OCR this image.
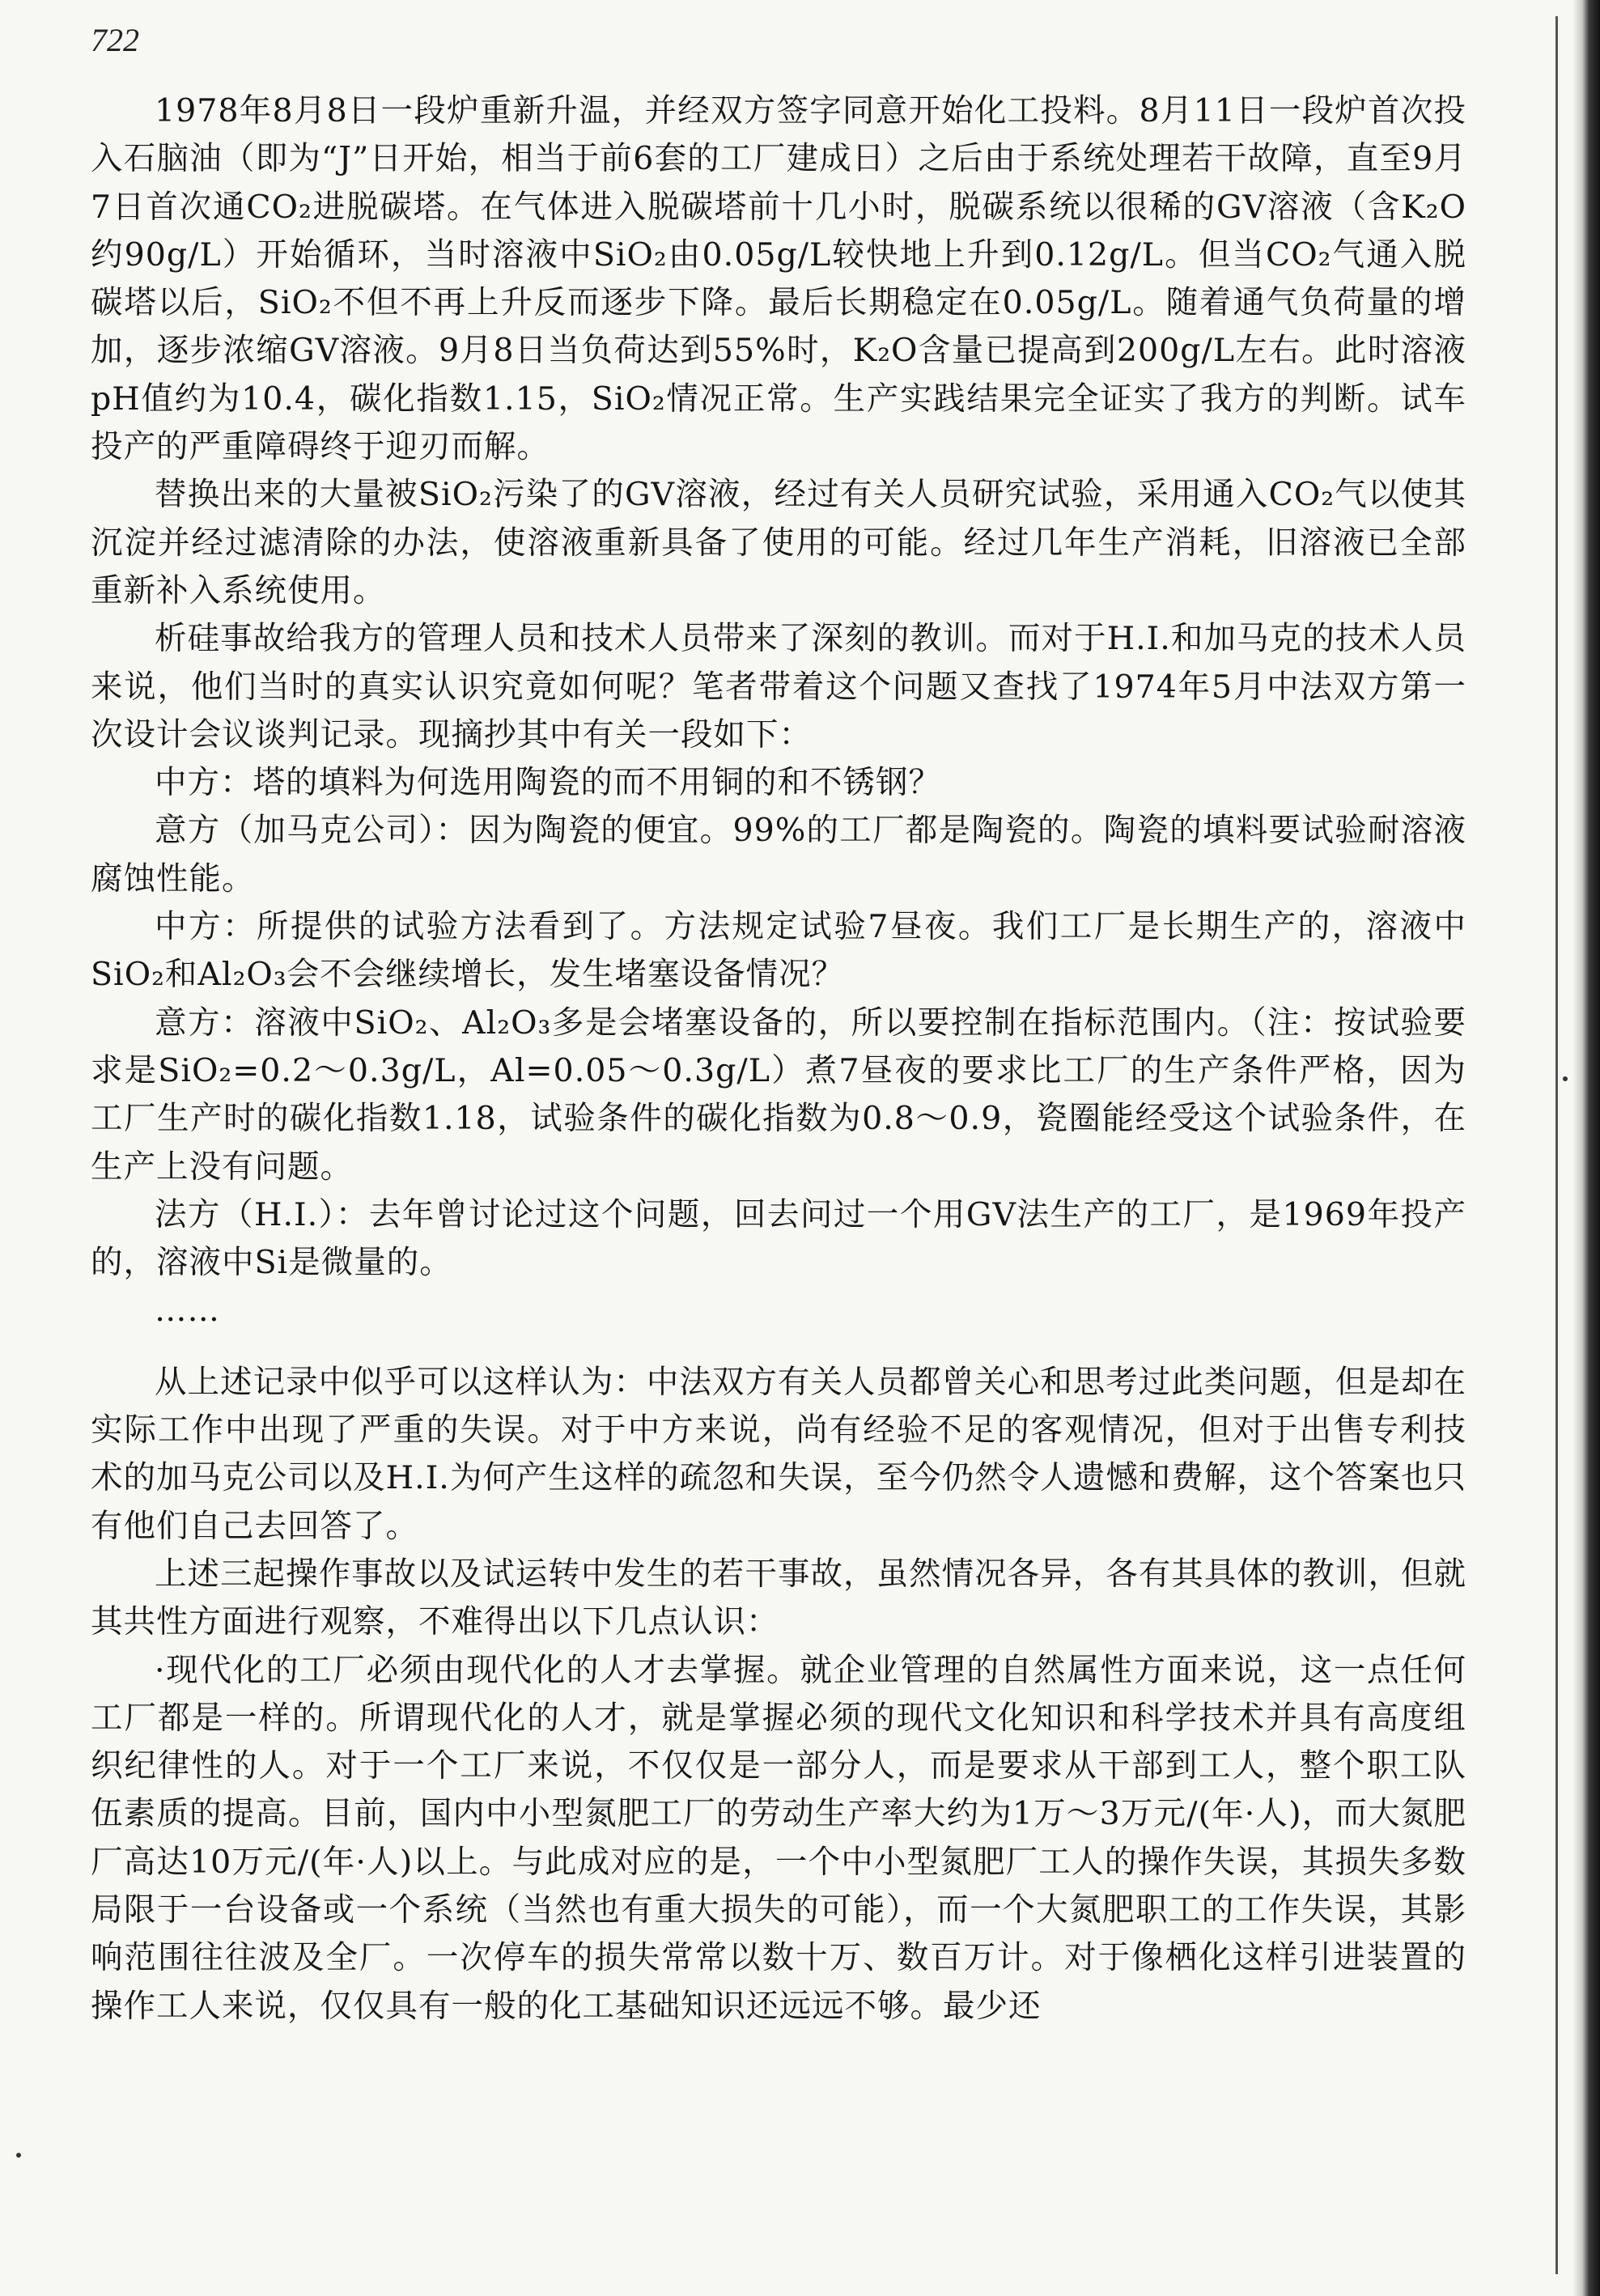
722

1978年8月8日一段炉重新升温，并经双方签字同意开始化工投料。8月11日一段炉首次投入石脑油（即为“J”日开始，相当于前6套的工厂建成日）之后由于系统处理若干故障，直至9月7日首次通CO₂进脱碳塔。在气体进入脱碳塔前十几小时，脱碳系统以很稀的GV溶液（含K₂O约90g/L）开始循环，当时溶液中SiO₂由0.05g/L较快地上升到0.12g/L。但当CO₂气通入脱碳塔以后，SiO₂不但不再上升反而逐步下降。最后长期稳定在0.05g/L。随着通气负荷量的增加，逐步浓缩GV溶液。9月8日当负荷达到55%时，K₂O含量已提高到200g/L左右。此时溶液pH值约为10.4，碳化指数1.15，SiO₂情况正常。生产实践结果完全证实了我方的判断。试车投产的严重障碍终于迎刃而解。

替换出来的大量被SiO₂污染了的GV溶液，经过有关人员研究试验，采用通入CO₂气以使其沉淀并经过滤清除的办法，使溶液重新具备了使用的可能。经过几年生产消耗，旧溶液已全部重新补入系统使用。

析硅事故给我方的管理人员和技术人员带来了深刻的教训。而对于H.I.和加马克的技术人员来说，他们当时的真实认识究竟如何呢？笔者带着这个问题又查找了1974年5月中法双方第一次设计会议谈判记录。现摘抄其中有关一段如下：

中方：塔的填料为何选用陶瓷的而不用铜的和不锈钢？

意方（加马克公司）：因为陶瓷的便宜。99%的工厂都是陶瓷的。陶瓷的填料要试验耐溶液腐蚀性能。

中方：所提供的试验方法看到了。方法规定试验7昼夜。我们工厂是长期生产的，溶液中SiO₂和Al₂O₃会不会继续增长，发生堵塞设备情况？

意方：溶液中SiO₂、Al₂O₃多是会堵塞设备的，所以要控制在指标范围内。（注：按试验要求是SiO₂=0.2～0.3g/L，Al=0.05～0.3g/L）煮7昼夜的要求比工厂的生产条件严格，因为工厂生产时的碳化指数1.18，试验条件的碳化指数为0.8～0.9，瓷圈能经受这个试验条件，在生产上没有问题。

法方（H.I.）：去年曾讨论过这个问题，回去问过一个用GV法生产的工厂，是1969年投产的，溶液中Si是微量的。

……

从上述记录中似乎可以这样认为：中法双方有关人员都曾关心和思考过此类问题，但是却在实际工作中出现了严重的失误。对于中方来说，尚有经验不足的客观情况，但对于出售专利技术的加马克公司以及H.I.为何产生这样的疏忽和失误，至今仍然令人遗憾和费解，这个答案也只有他们自己去回答了。

上述三起操作事故以及试运转中发生的若干事故，虽然情况各异，各有其具体的教训，但就其共性方面进行观察，不难得出以下几点认识：

·现代化的工厂必须由现代化的人才去掌握。就企业管理的自然属性方面来说，这一点任何工厂都是一样的。所谓现代化的人才，就是掌握必须的现代文化知识和科学技术并具有高度组织纪律性的人。对于一个工厂来说，不仅仅是一部分人，而是要求从干部到工人，整个职工队伍素质的提高。目前，国内中小型氮肥工厂的劳动生产率大约为1万～3万元/(年·人)，而大氮肥厂高达10万元/(年·人)以上。与此成对应的是，一个中小型氮肥厂工人的操作失误，其损失多数局限于一台设备或一个系统（当然也有重大损失的可能），而一个大氮肥职工的工作失误，其影响范围往往波及全厂。一次停车的损失常常以数十万、数百万计。对于像栖化这样引进装置的操作工人来说，仅仅具有一般的化工基础知识还远远不够。最少还
